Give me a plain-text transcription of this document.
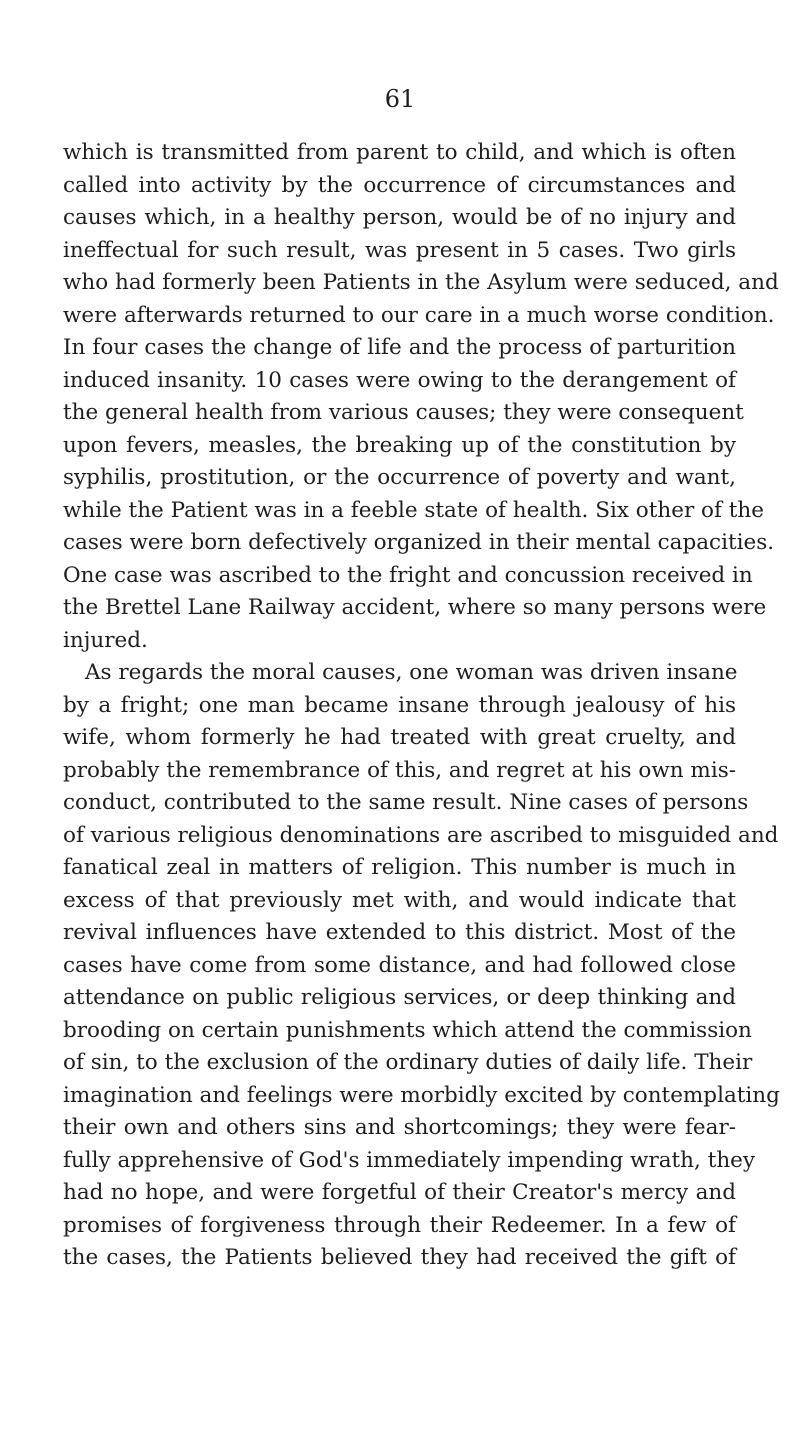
61
which is transmitted from parent to child, and which is often
called into activity by the occurrence of circumstances and
causes which, in a healthy person, would be of no injury and
ineffectual for such result, was present in 5 cases. Two girls
who had formerly been Patients in the Asylum were seduced, and
were afterwards returned to our care in a much worse condition.
In four cases the change of life and the process of parturition
induced insanity. 10 cases were owing to the derangement of
the general health from various causes; they were consequent
upon fevers, measles, the breaking up of the constitution by
syphilis, prostitution, or the occurrence of poverty and want,
while the Patient was in a feeble state of health. Six other of the
cases were born defectively organized in their mental capacities.
One case was ascribed to the fright and concussion received in
the Brettel Lane Railway accident, where so many persons were
injured.
As regards the moral causes, one woman was driven insane
by a fright; one man became insane through jealousy of his
wife, whom formerly he had treated with great cruelty, and
probably the remembrance of this, and regret at his own mis-
conduct, contributed to the same result. Nine cases of persons
of various religious denominations are ascribed to misguided and
fanatical zeal in matters of religion. This number is much in
excess of that previously met with, and would indicate that
revival influences have extended to this district. Most of the
cases have come from some distance, and had followed close
attendance on public religious services, or deep thinking and
brooding on certain punishments which attend the commission
of sin, to the exclusion of the ordinary duties of daily life. Their
imagination and feelings were morbidly excited by contemplating
their own and others sins and shortcomings; they were fear-
fully apprehensive of God's immediately impending wrath, they
had no hope, and were forgetful of their Creator's mercy and
promises of forgiveness through their Redeemer. In a few of
the cases, the Patients believed they had received the gift of
